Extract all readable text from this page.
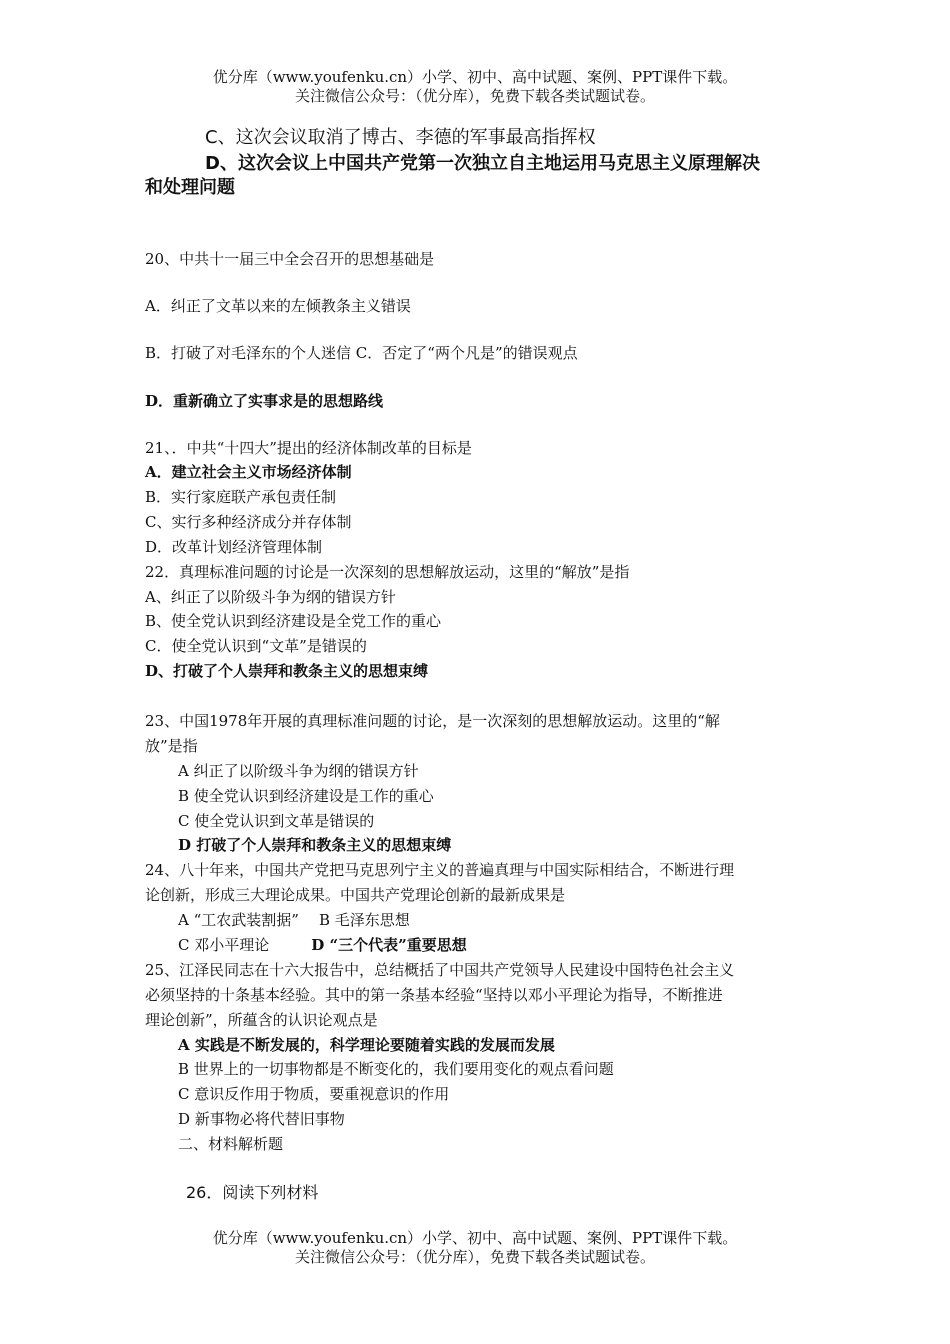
优分库（www.youfenku.cn）小学、初中、高中试题、案例、PPT课件下载。
关注微信公众号：（优分库），免费下载各类试题试卷。
C、这次会议取消了博古、李德的军事最高指挥权
D、这次会议上中国共产党第一次独立自主地运用马克思主义原理解决
和处理问题
20、中共十一届三中全会召开的思想基础是
A．纠正了文革以来的左倾教条主义错误
B．打破了对毛泽东的个人迷信 C．否定了“两个凡是”的错误观点
D．重新确立了实事求是的思想路线
21、．中共“十四大”提出的经济体制改革的目标是
A．建立社会主义市场经济体制
B．实行家庭联产承包责任制
C、实行多种经济成分并存体制
D．改革计划经济管理体制
22．真理标准问题的讨论是一次深刻的思想解放运动，这里的“解放”是指
A、纠正了以阶级斗争为纲的错误方针
B、使全党认识到经济建设是全党工作的重心
C．使全党认识到“文革”是错误的
D、打破了个人崇拜和教条主义的思想束缚
23、中国1978年开展的真理标准问题的讨论，是一次深刻的思想解放运动。这里的“解
放”是指
A 纠正了以阶级斗争为纲的错误方针
B 使全党认识到经济建设是工作的重心
C 使全党认识到文革是错误的
D 打破了个人崇拜和教条主义的思想束缚
24、八十年来，中国共产党把马克思列宁主义的普遍真理与中国实际相结合，不断进行理
论创新，形成三大理论成果。中国共产党理论创新的最新成果是
A “工农武装割据” B 毛泽东思想
C 邓小平理论	D “三个代表”重要思想
25、江泽民同志在十六大报告中，总结概括了中国共产党领导人民建设中国特色社会主义
必须坚持的十条基本经验。其中的第一条基本经验“坚持以邓小平理论为指导，不断推进
理论创新”，所蕴含的认识论观点是
A 实践是不断发展的，科学理论要随着实践的发展而发展
B 世界上的一切事物都是不断变化的，我们要用变化的观点看问题
C 意识反作用于物质，要重视意识的作用
D 新事物必将代替旧事物
二、材料解析题
26．阅读下列材料
优分库（www.youfenku.cn）小学、初中、高中试题、案例、PPT课件下载。
关注微信公众号：（优分库），免费下载各类试题试卷。
